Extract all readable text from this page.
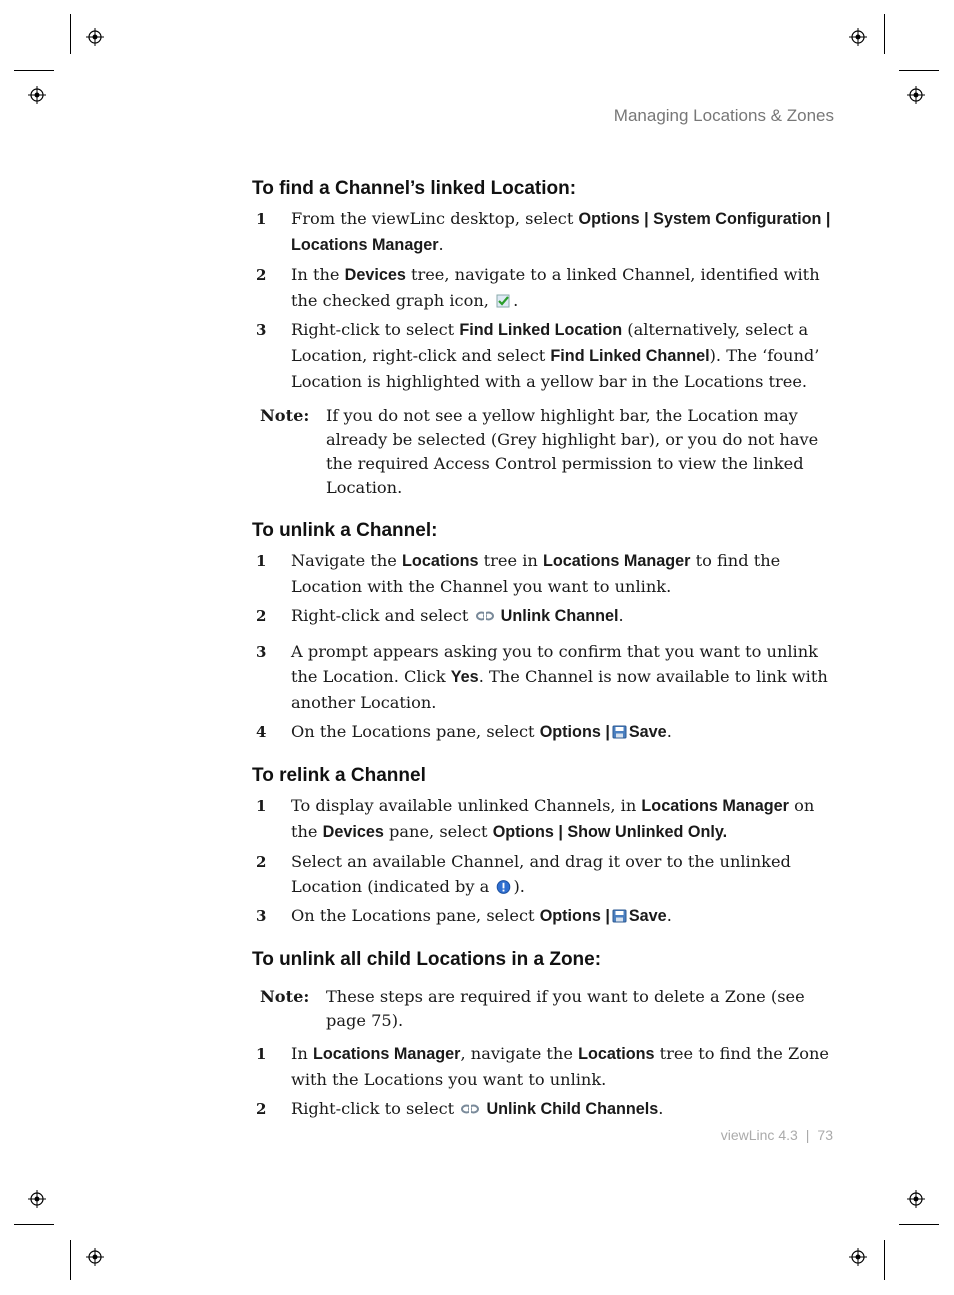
Managing Locations & Zones
To find a Channel’s linked Location:
1 From the viewLinc desktop, select Options | System Configuration | Locations Manager.
2 In the Devices tree, navigate to a linked Channel, identified with the checked graph icon, .
3 Right-click to select Find Linked Location (alternatively, select a Location, right-click and select Find Linked Channel). The ‘found’ Location is highlighted with a yellow bar in the Locations tree.
Note: If you do not see a yellow highlight bar, the Location may already be selected (Grey highlight bar), or you do not have the required Access Control permission to view the linked Location.
To unlink a Channel:
1 Navigate the Locations tree in Locations Manager to find the Location with the Channel you want to unlink.
2 Right-click and select  Unlink Channel.
3 A prompt appears asking you to confirm that you want to unlink the Location. Click Yes. The Channel is now available to link with another Location.
4 On the Locations pane, select Options | Save.
To relink a Channel
1 To display available unlinked Channels, in Locations Manager on the Devices pane, select Options | Show Unlinked Only.
2 Select an available Channel, and drag it over to the unlinked Location (indicated by a ).
3 On the Locations pane, select Options | Save.
To unlink all child Locations in a Zone:
Note: These steps are required if you want to delete a Zone (see page 75).
1 In Locations Manager, navigate the Locations tree to find the Zone with the Locations you want to unlink.
2 Right-click to select  Unlink Child Channels.
viewLinc 4.3 | 73
